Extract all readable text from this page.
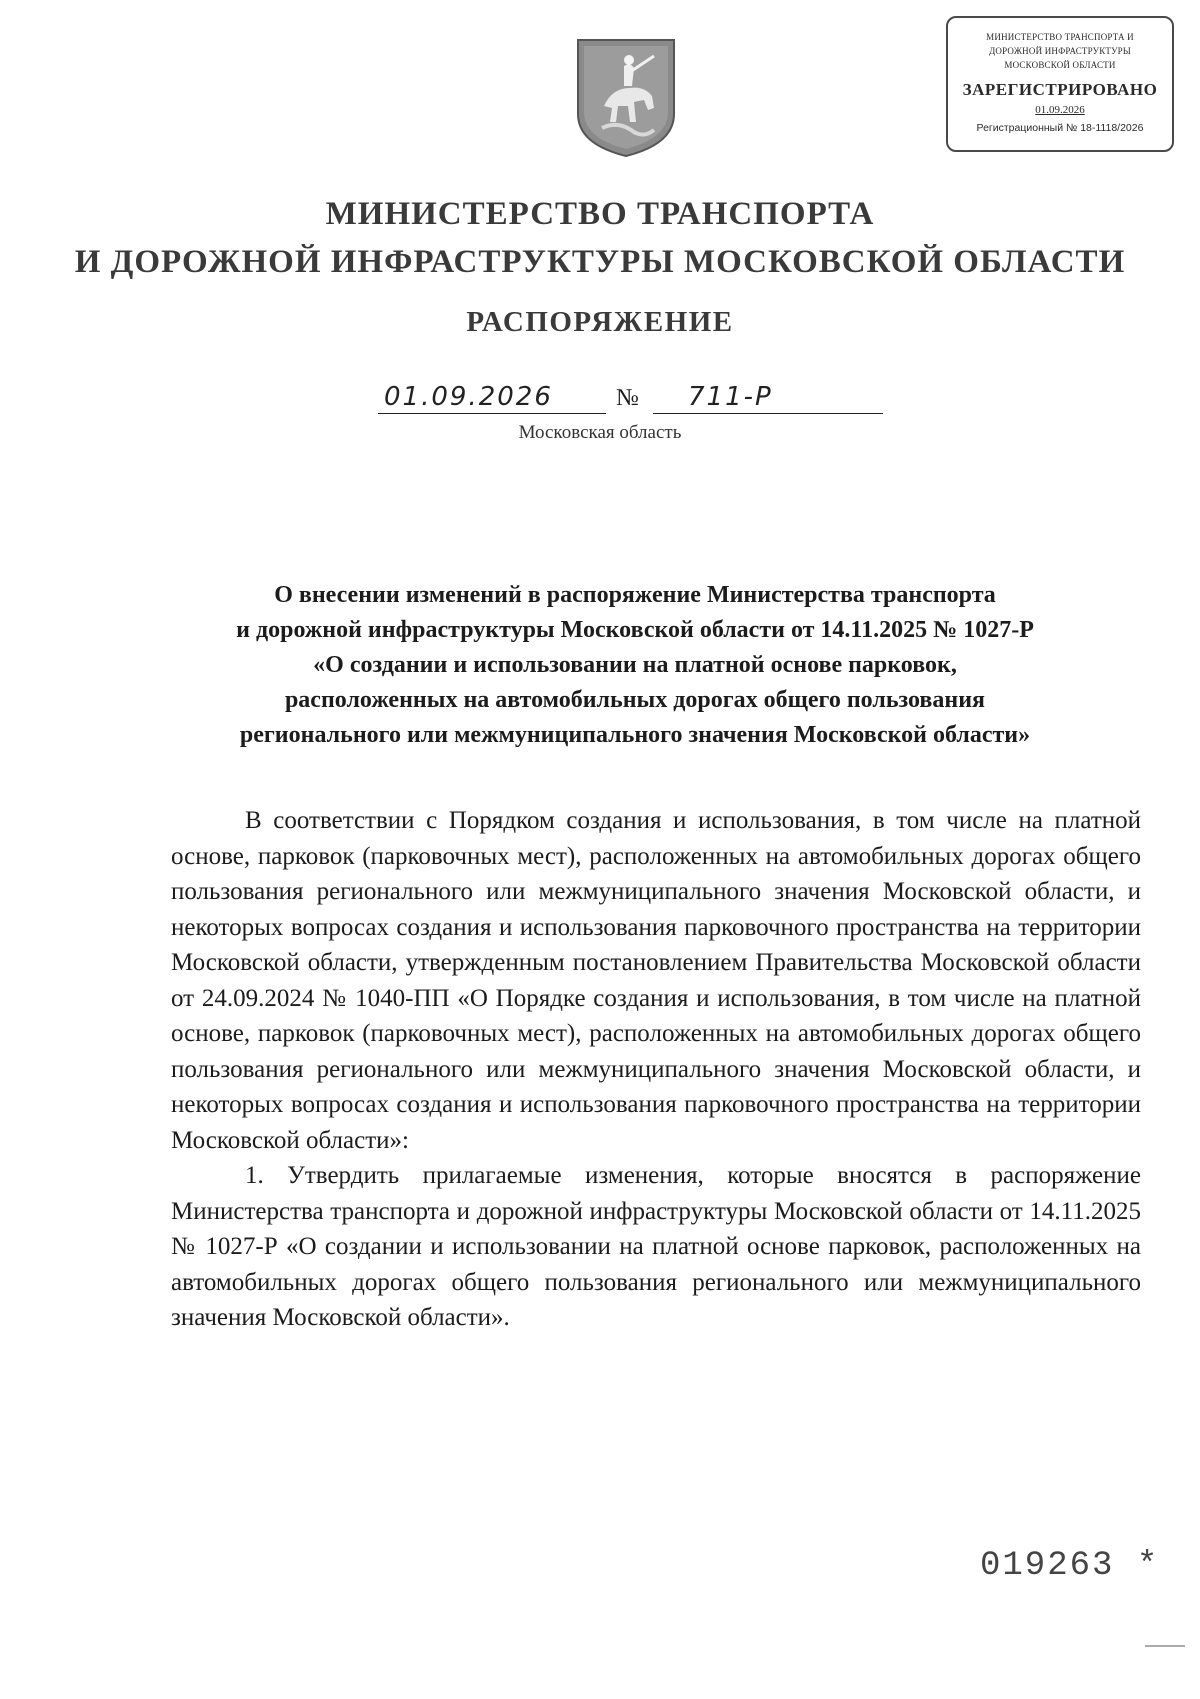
МИНИСТЕРСТВО ТРАНСПОРТА И
ДОРОЖНОЙ ИНФРАСТРУКТУРЫ
МОСКОВСКОЙ ОБЛАСТИ
ЗАРЕГИСТРИРОВАНО
01.09.2026
Регистрационный № 18-1118/2026
МИНИСТЕРСТВО ТРАНСПОРТА
И ДОРОЖНОЙ ИНФРАСТРУКТУРЫ МОСКОВСКОЙ ОБЛАСТИ
РАСПОРЯЖЕНИЕ
01.09.2026	№ 711-Р
Московская область
О внесении изменений в распоряжение Министерства транспорта
и дорожной инфраструктуры Московской области от 14.11.2025 № 1027-Р
«О создании и использовании на платной основе парковок,
расположенных на автомобильных дорогах общего пользования
регионального или межмуниципального значения Московской области»

В соответствии с Порядком создания и использования, в том числе на платной основе, парковок (парковочных мест), расположенных на автомобильных дорогах общего пользования регионального или межмуниципального значения Московской области, и некоторых вопросах создания и использования парковочного пространства на территории Московской области, утвержденным постановлением Правительства Московской области от 24.09.2024 № 1040-ПП «О Порядке создания и использования, в том числе на платной основе, парковок (парковочных мест), расположенных на автомобильных дорогах общего пользования регионального или межмуниципального значения Московской области, и некоторых вопросах создания и использования парковочного пространства на территории Московской области»:

1. Утвердить прилагаемые изменения, которые вносятся в распоряжение Министерства транспорта и дорожной инфраструктуры Московской области от 14.11.2025 № 1027-Р «О создании и использовании на платной основе парковок, расположенных на автомобильных дорогах общего пользования регионального или межмуниципального значения Московской области».

019263 *
